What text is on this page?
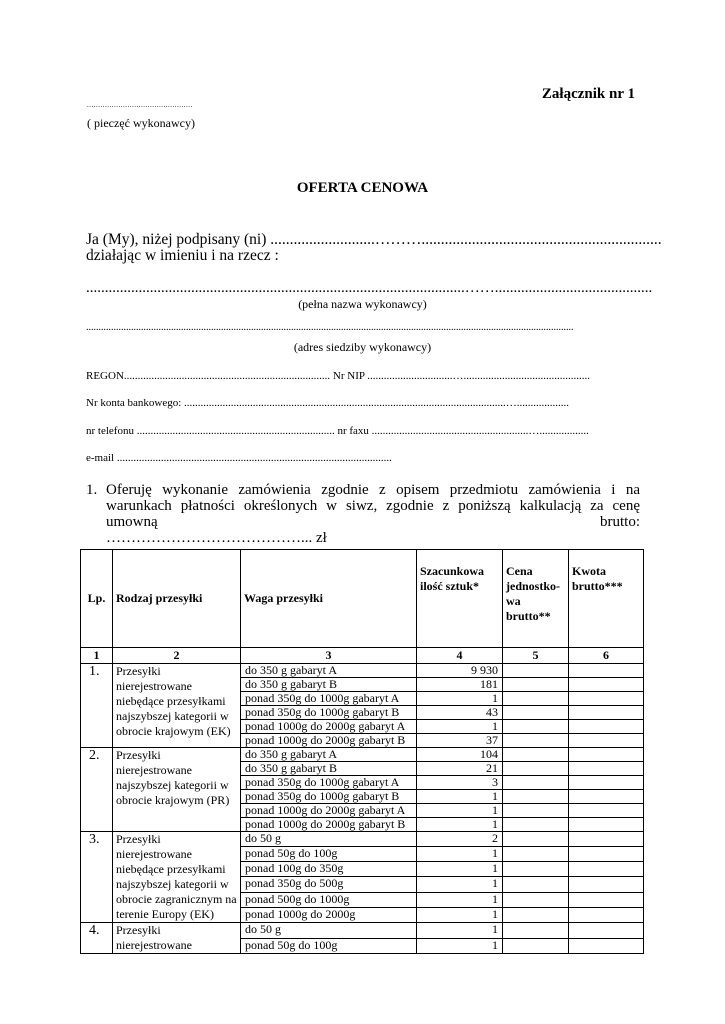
Załącznik nr 1
...............................................
( pieczęć wykonawcy)
OFERTA CENOWA
Ja (My), niżej podpisany (ni) ...........................………..............................................................
działając w imieniu i na rzecz :
.....................................................................................................……..........................................
(pełna nazwa wykonawcy)
...................................................................................................................................................................................................
(adres siedziby wykonawcy)
REGON........................................................................... Nr NIP ...............................…..............................................
Nr konta bankowego: .....................................................................................................................…...................
nr telefonu ........................................................................ nr faxu .........................................................…..................
e-mail ....................................................................................................
1. Oferuję wykonanie zamówienia zgodnie z opisem przedmiotu zamówienia i na warunkach płatności określonych w siwz, zgodnie z poniższą kalkulacją za cenę umowną brutto:
…………………………………... zł
Lp.	Rodzaj przesyłki	Waga przesyłki	Szacunkowa ilość sztuk*	Cena jednostko-wa brutto**	Kwota brutto***
1	2	3	4	5	6
1.	Przesyłki nierejestrowane niebędące przesyłkami najszybszej kategorii w obrocie krajowym (EK)	do 350 g gabaryt A	9 930		
		do 350 g gabaryt B	181		
		ponad 350g do 1000g gabaryt A	1		
		ponad 350g do 1000g gabaryt B	43		
		ponad 1000g do 2000g gabaryt A	1		
		ponad 1000g do 2000g gabaryt B	37		
2.	Przesyłki nierejestrowane najszybszej kategorii w obrocie krajowym (PR)	do 350 g gabaryt A	104		
		do 350 g gabaryt B	21		
		ponad 350g do 1000g gabaryt A	3		
		ponad 350g do 1000g gabaryt B	1		
		ponad 1000g do 2000g gabaryt A	1		
		ponad 1000g do 2000g gabaryt B	1		
3.	Przesyłki nierejestrowane niebędące przesyłkami najszybszej kategorii w obrocie zagranicznym na terenie Europy (EK)	do 50 g	2		
		ponad 50g do 100g	1		
		ponad 100g do 350g	1		
		ponad 350g do 500g	1		
		ponad 500g do 1000g	1		
		ponad 1000g do 2000g	1		
4.	Przesyłki nierejestrowane	do 50 g	1		
		ponad 50g do 100g	1		
